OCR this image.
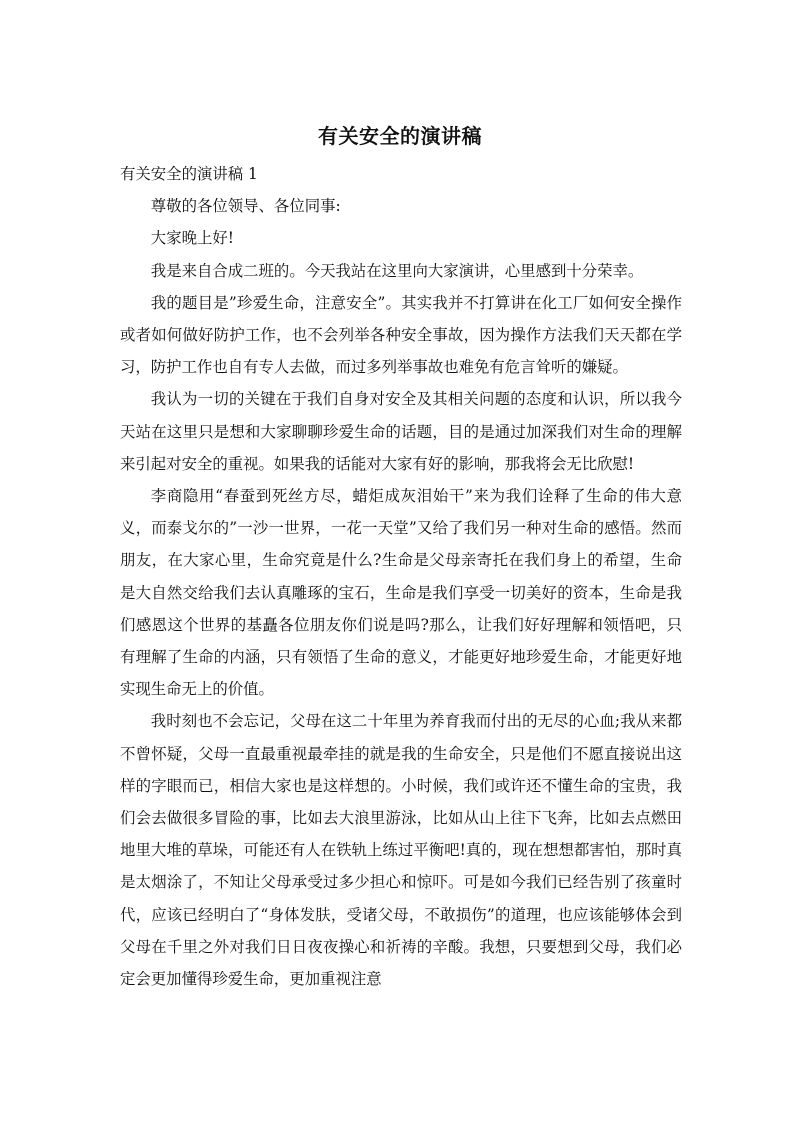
有关安全的演讲稿

有关安全的演讲稿 1

尊敬的各位领导、各位同事:

大家晚上好!

我是来自合成二班的。今天我站在这里向大家演讲，心里感到十分荣幸。

我的题目是”珍爱生命，注意安全”。其实我并不打算讲在化工厂如何安全操作或者如何做好防护工作，也不会列举各种安全事故，因为操作方法我们天天都在学习，防护工作也自有专人去做，而过多列举事故也难免有危言耸听的嫌疑。

我认为一切的关键在于我们自身对安全及其相关问题的态度和认识，所以我今天站在这里只是想和大家聊聊珍爱生命的话题，目的是通过加深我们对生命的理解来引起对安全的重视。如果我的话能对大家有好的影响，那我将会无比欣慰!

李商隐用“春蚕到死丝方尽，蜡炬成灰泪始干”来为我们诠释了生命的伟大意义，而泰戈尔的”一沙一世界，一花一天堂”又给了我们另一种对生命的感悟。然而朋友，在大家心里，生命究竟是什么?生命是父母亲寄托在我们身上的希望，生命是大自然交给我们去认真雕琢的宝石，生命是我们享受一切美好的资本，生命是我们感恩这个世界的基矗各位朋友你们说是吗?那么，让我们好好理解和领悟吧，只有理解了生命的内涵，只有领悟了生命的意义，才能更好地珍爱生命，才能更好地实现生命无上的价值。

我时刻也不会忘记，父母在这二十年里为养育我而付出的无尽的心血;我从来都不曾怀疑，父母一直最重视最牵挂的就是我的生命安全，只是他们不愿直接说出这样的字眼而已，相信大家也是这样想的。小时候，我们或许还不懂生命的宝贵，我们会去做很多冒险的事，比如去大浪里游泳，比如从山上往下飞奔，比如去点燃田地里大堆的草垛，可能还有人在铁轨上练过平衡吧!真的，现在想想都害怕，那时真是太烟涂了，不知让父母承受过多少担心和惊吓。可是如今我们已经告别了孩童时代，应该已经明白了“身体发肤，受诸父母，不敢损伤”的道理，也应该能够体会到父母在千里之外对我们日日夜夜操心和祈祷的辛酸。我想，只要想到父母，我们必定会更加懂得珍爱生命，更加重视注意
